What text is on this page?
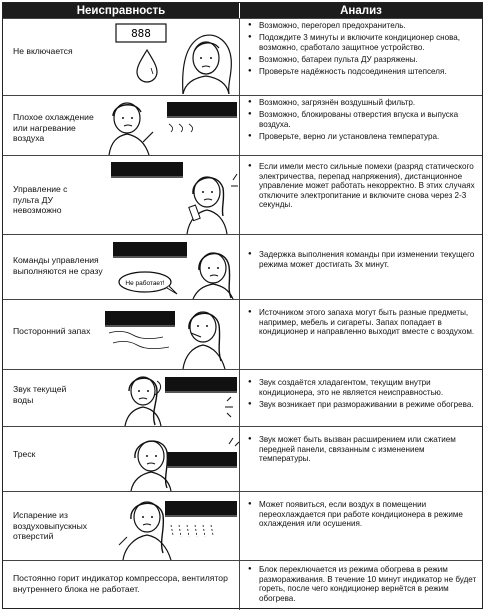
Неисправность	Анализ
Не включается
888
● Возможно, перегорел предохранитель.
● Подождите 3 минуты и включите кондиционер снова, возможно, сработало защитное устройство.
● Возможно, батареи пульта ДУ разряжены.
● Проверьте надёжность подсоединения штепселя.
Плохое охлаждение или нагревание воздуха
● Возможно, загрязнён воздушный фильтр.
● Возможно, блокированы отверстия впуска и выпуска воздуха.
● Проверьте, верно ли установлена температура.
Управление с пульта ДУ невозможно
● Если имели место сильные помехи (разряд статического электричества, перепад напряжения), дистанционное управление может работать некорректно. В этих случаях отключите электропитание и включите снова через 2-3 секунды.
Команды управления выполняются не сразу
Не работает!
● Задержка выполнения команды при изменении текущего режима может достигать 3х минут.
Посторонний запах
● Источником этого запаха могут быть разные предметы, например, мебель и сигареты. Запах попадает в кондиционер и направленно выходит вместе с воздухом.
Звук текущей воды
● Звук создаётся хладагентом, текущим внутри кондиционера, это не является неисправностью.
● Звук возникает при размораживании в режиме обогрева.
Треск
● Звук может быть вызван расширением или сжатием передней панели, связанным с изменением температуры.
Испарение из воздуховыпускных отверстий
● Может появиться, если воздух в помещении переохлаждается при работе кондиционера в режиме охлаждения или осушения.
Постоянно горит индикатор компрессора, вентилятор внутреннего блока не работает.
● Блок переключается из режима обогрева в режим размораживания. В течение 10 минут индикатор не будет гореть, после чего кондиционер вернётся в режим обогрева.
